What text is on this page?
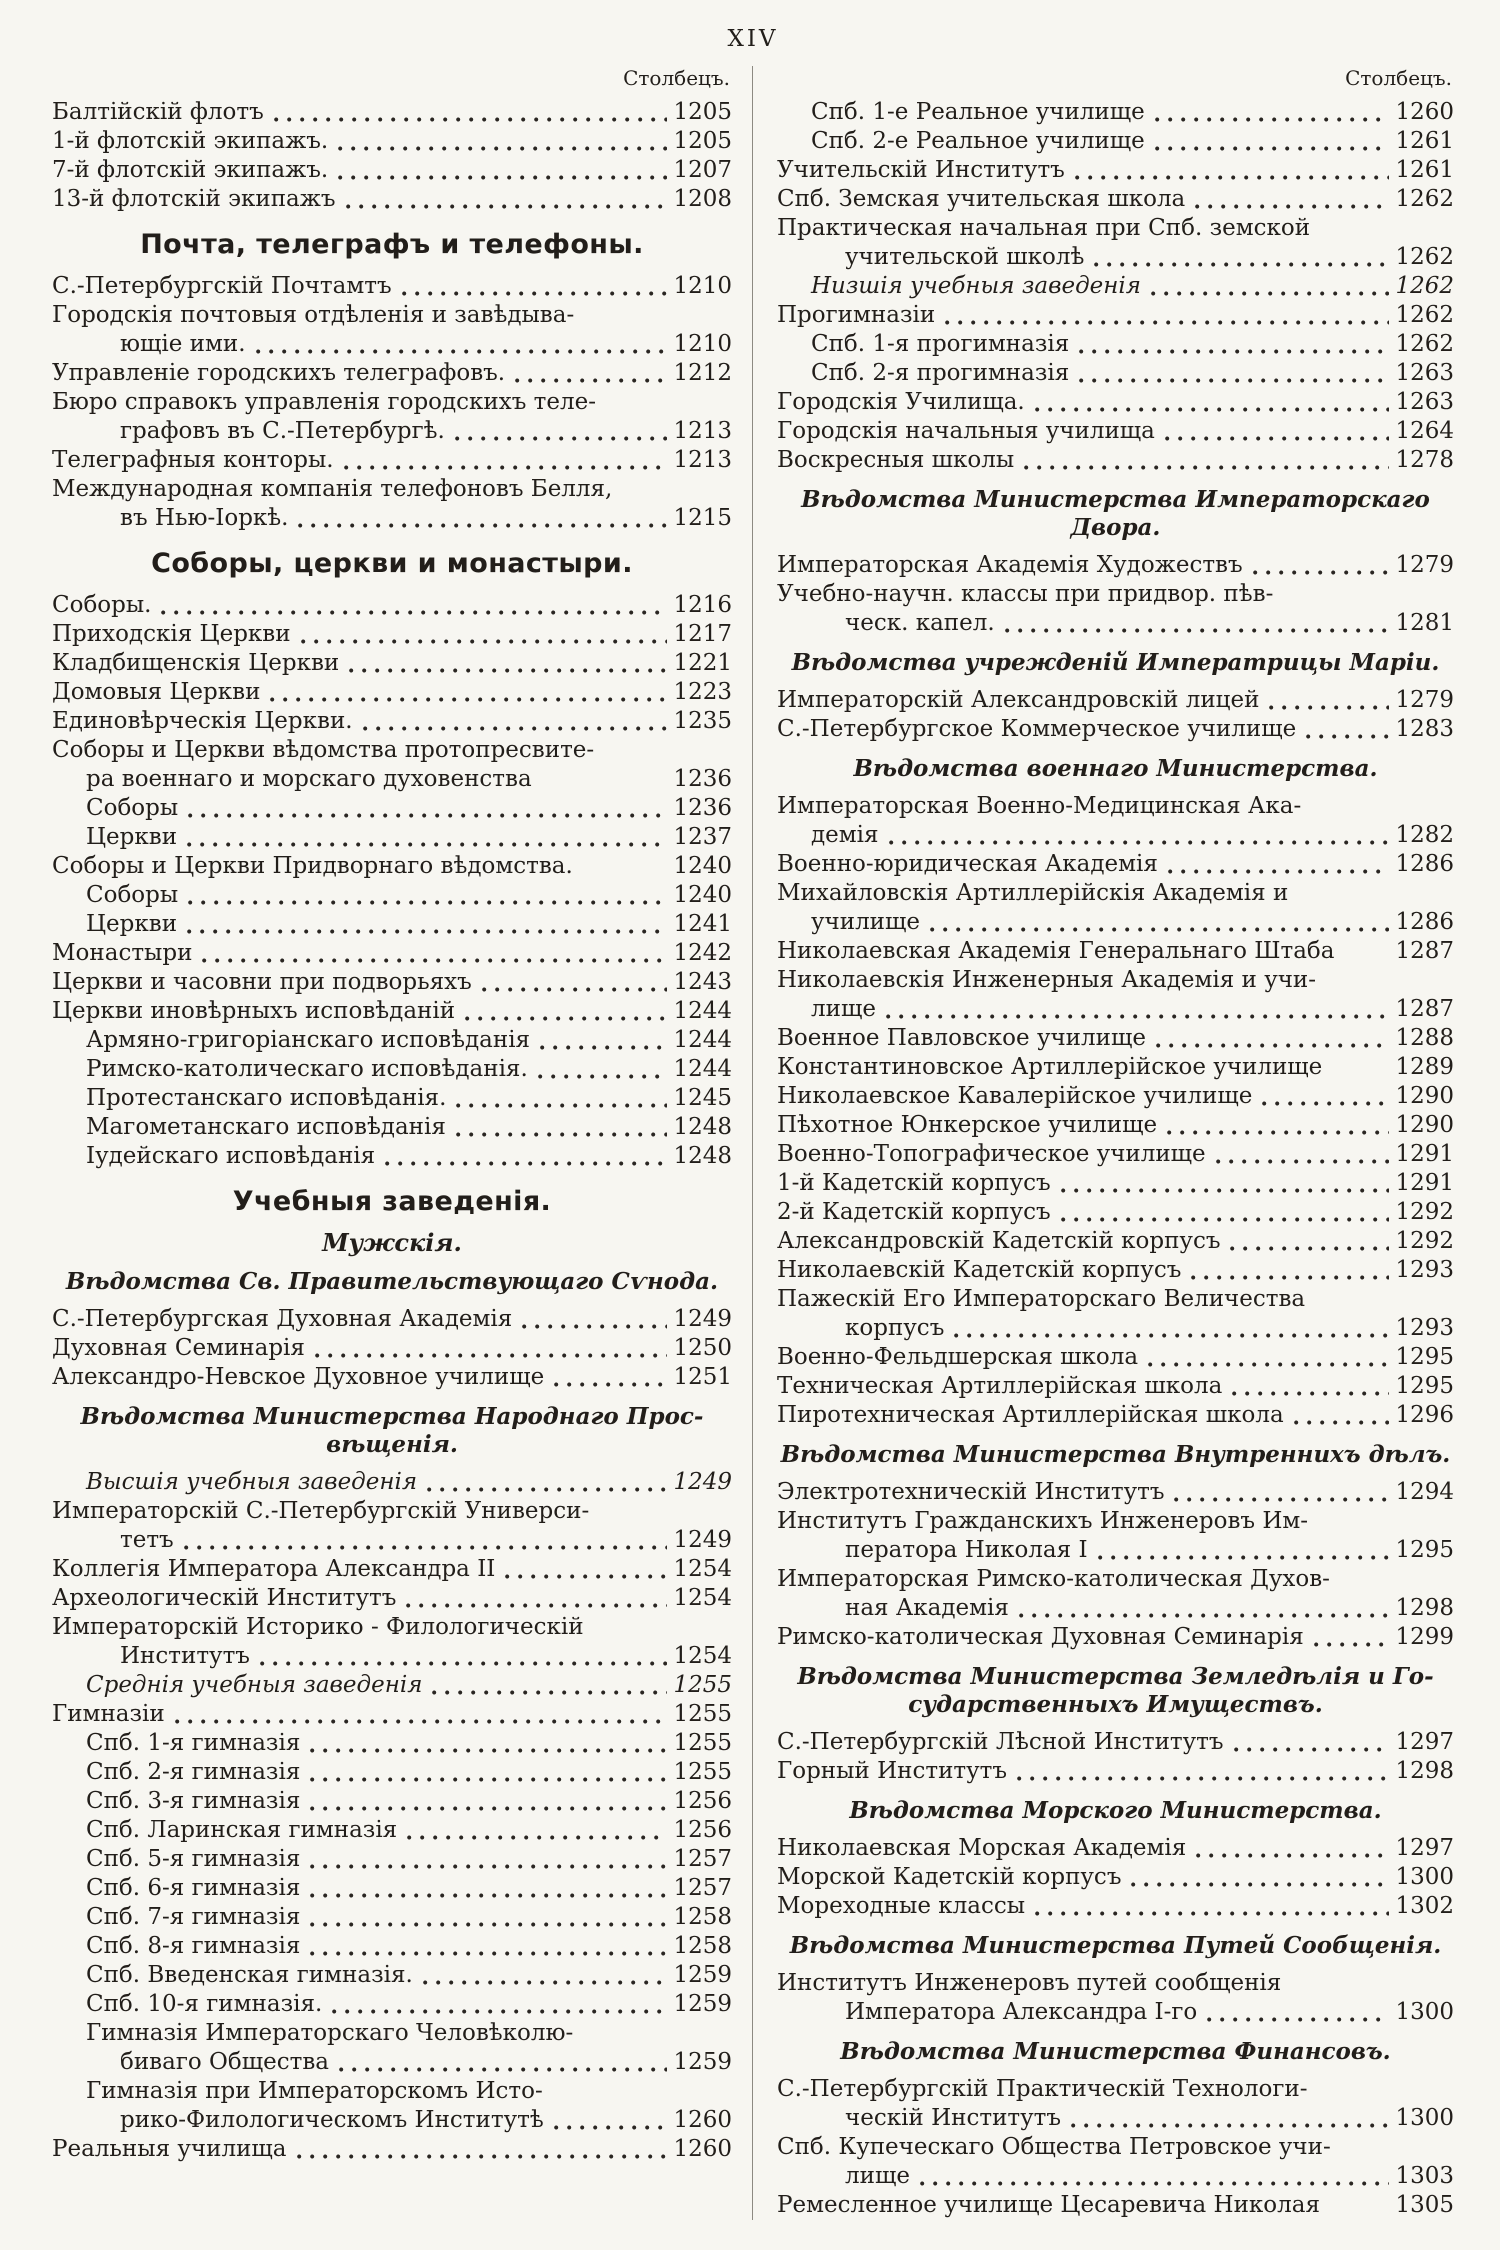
XIV
Столбецъ.
Балтійскій флотъ	1205
1-й флотскій экипажъ.	1205
7-й флотскій экипажъ.	1207
13-й флотскій экипажъ	1208
Почта, телеграфъ и телефоны.
С.-Петербургскій Почтамтъ	1210
Городскія почтовыя отдѣленія и завѣдыва-
ющіе ими.	1210
Управленіе городскихъ телеграфовъ.	1212
Бюро справокъ управленія городскихъ теле-
графовъ въ С.-Петербургѣ.	1213
Телеграфныя конторы.	1213
Международная компанія телефоновъ Белля,
въ Нью-Іоркѣ.	1215
Соборы, церкви и монастыри.
Соборы.	1216
Приходскія Церкви	1217
Кладбищенскія Церкви	1221
Домовыя Церкви	1223
Единовѣрческія Церкви.	1235
Соборы и Церкви вѣдомства протопресвите-
ра военнаго и морскаго духовенства	1236
Соборы	1236
Церкви	1237
Соборы и Церкви Придворнаго вѣдомства.	1240
Соборы	1240
Церкви	1241
Монастыри	1242
Церкви и часовни при подворьяхъ	1243
Церкви иновѣрныхъ исповѣданій	1244
Армяно-григоріанскаго исповѣданія	1244
Римско-католическаго исповѣданія.	1244
Протестанскаго исповѣданія.	1245
Магометанскаго исповѣданія	1248
Іудейскаго исповѣданія	1248
Учебныя заведенія.
Мужскія.
Вѣдомства Св. Правительствующаго Сѵнода.
С.-Петербургская Духовная Академія	1249
Духовная Семинарія	1250
Александро-Невское Духовное училище	1251
Вѣдомства Министерства Народнаго Прос-
вѣщенія.
Высшія учебныя заведенія	1249
Императорскій С.-Петербургскій Универси-
тетъ	1249
Коллегія Императора Александра II	1254
Археологическій Институтъ	1254
Императорскій Историко - Филологическій
Институтъ	1254
Среднія учебныя заведенія	1255
Гимназіи	1255
Спб. 1-я гимназія	1255
Спб. 2-я гимназія	1255
Спб. 3-я гимназія	1256
Спб. Ларинская гимназія	1256
Спб. 5-я гимназія	1257
Спб. 6-я гимназія	1257
Спб. 7-я гимназія	1258
Спб. 8-я гимназія	1258
Спб. Введенская гимназія.	1259
Спб. 10-я гимназія.	1259
Гимназія Императорскаго Человѣколю-
биваго Общества	1259
Гимназія при Императорскомъ Исто-
рико-Филологическомъ Институтѣ	1260
Реальныя училища	1260
Столбецъ.
Спб. 1-е Реальное училище	1260
Спб. 2-е Реальное училище	1261
Учительскій Институтъ	1261
Спб. Земская учительская школа	1262
Практическая начальная при Спб. земской
учительской школѣ	1262
Низшія учебныя заведенія	1262
Прогимназіи	1262
Спб. 1-я прогимназія	1262
Спб. 2-я прогимназія	1263
Городскія Училища.	1263
Городскія начальныя училища	1264
Воскресныя школы	1278
Вѣдомства Министерства Императорскаго
Двора.
Императорская Академія Художествъ	1279
Учебно-научн. классы при придвор. пѣв-
ческ. капел.	1281
Вѣдомства учрежденій Императрицы Маріи.
Императорскій Александровскій лицей	1279
С.-Петербургское Коммерческое училище	1283
Вѣдомства военнаго Министерства.
Императорская Военно-Медицинская Ака-
демія	1282
Военно-юридическая Академія	1286
Михайловскія Артиллерійскія Академія и
училище	1286
Николаевская Академія Генеральнаго Штаба	1287
Николаевскія Инженерныя Академія и учи-
лище	1287
Военное Павловское училище	1288
Константиновское Артиллерійское училище	1289
Николаевское Кавалерійское училище	1290
Пѣхотное Юнкерское училище	1290
Военно-Топографическое училище	1291
1-й Кадетскій корпусъ	1291
2-й Кадетскій корпусъ	1292
Александровскій Кадетскій корпусъ	1292
Николаевскій Кадетскій корпусъ	1293
Пажескій Его Императорскаго Величества
корпусъ	1293
Военно-Фельдшерская школа	1295
Техническая Артиллерійская школа	1295
Пиротехническая Артиллерійская школа	1296
Вѣдомства Министерства Внутреннихъ дѣлъ.
Электротехническій Институтъ	1294
Институтъ Гражданскихъ Инженеровъ Им-
ператора Николая I	1295
Императорская Римско-католическая Духов-
ная Академія	1298
Римско-католическая Духовная Семинарія	1299
Вѣдомства Министерства Земледѣлія и Го-
сударственныхъ Имуществъ.
С.-Петербургскій Лѣсной Институтъ	1297
Горный Институтъ	1298
Вѣдомства Морского Министерства.
Николаевская Морская Академія	1297
Морской Кадетскій корпусъ	1300
Мореходные классы	1302
Вѣдомства Министерства Путей Сообщенія.
Институтъ Инженеровъ путей сообщенія
Императора Александра I-го	1300
Вѣдомства Министерства Финансовъ.
С.-Петербургскій Практическій Технологи-
ческій Институтъ	1300
Спб. Купеческаго Общества Петровское учи-
лище	1303
Ремесленное училище Цесаревича Николая	1305
